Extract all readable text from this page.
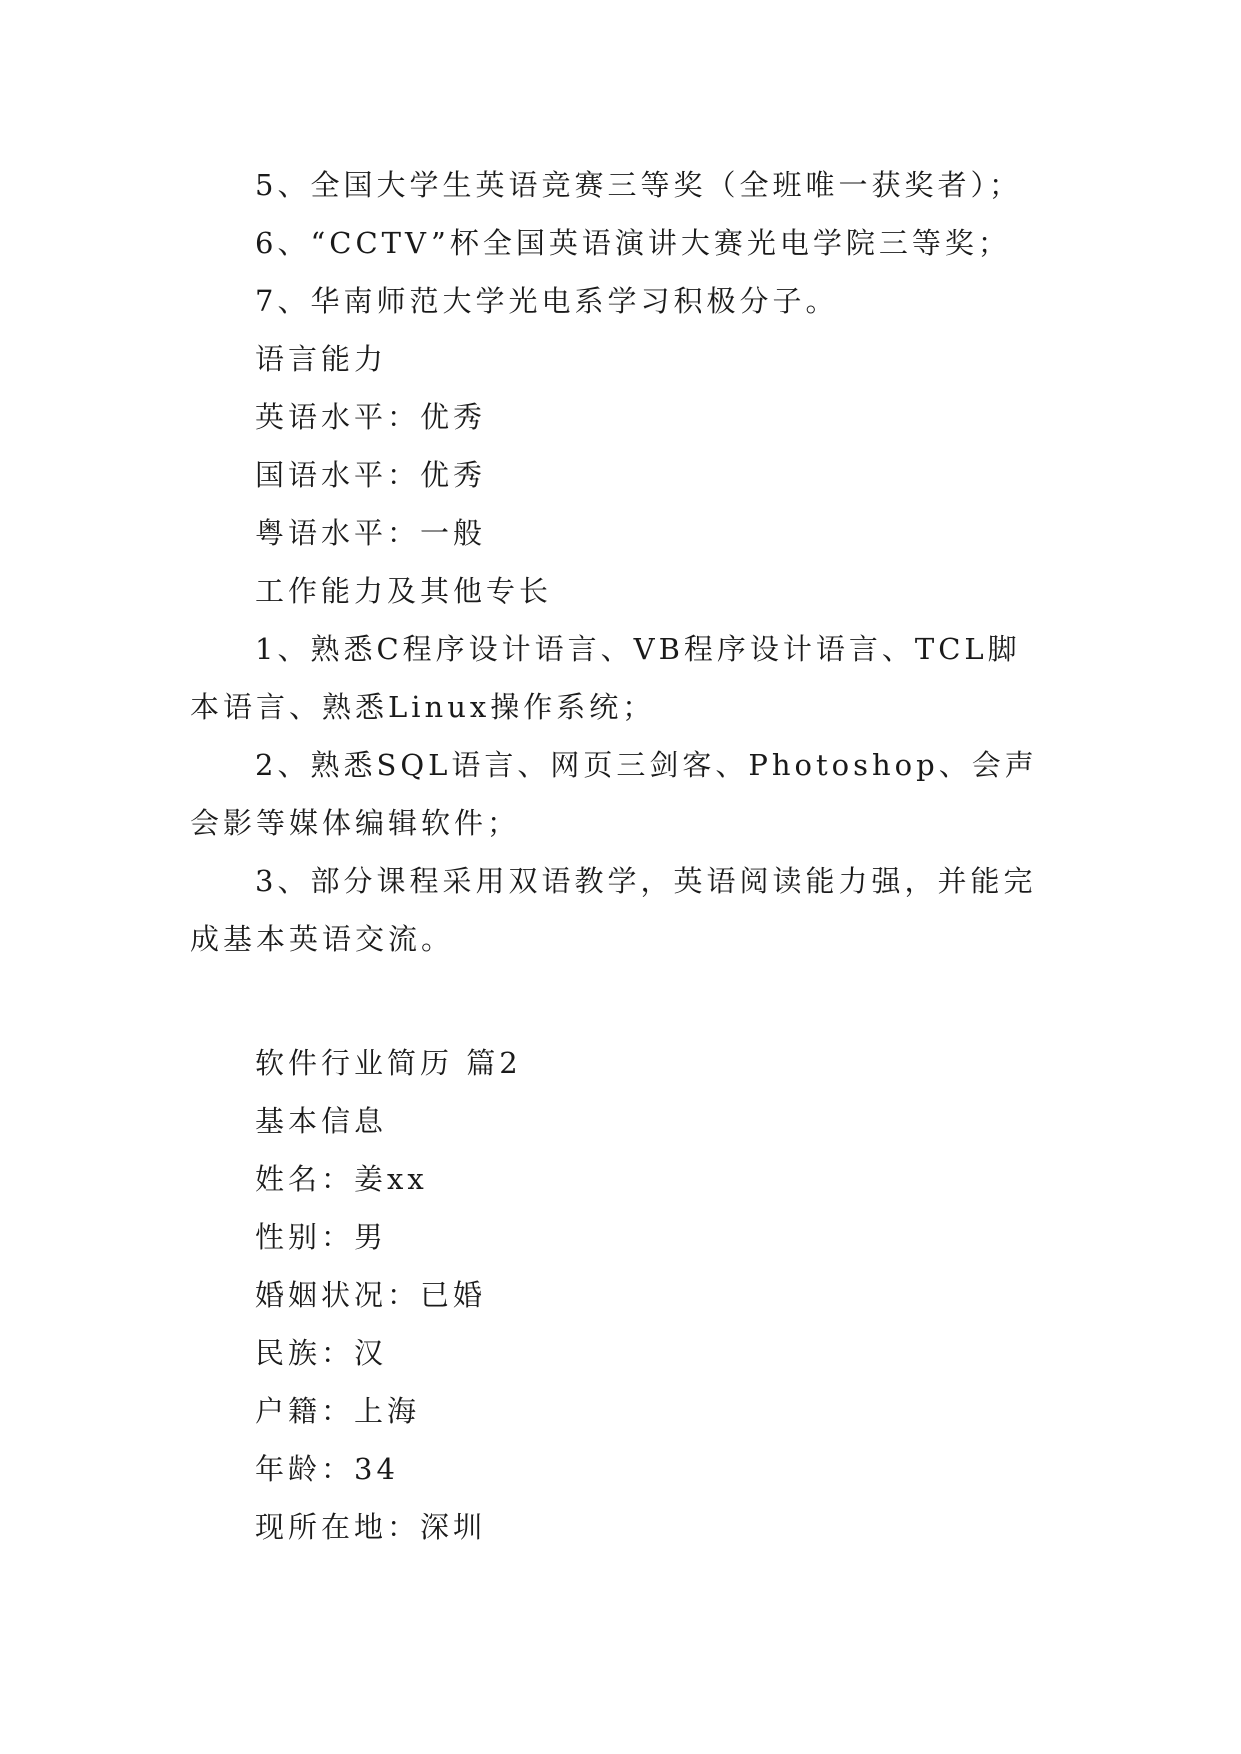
5、全国大学生英语竞赛三等奖（全班唯一获奖者）；
6、“CCTV”杯全国英语演讲大赛光电学院三等奖；
7、华南师范大学光电系学习积极分子。
语言能力
英语水平：优秀
国语水平：优秀
粤语水平：一般
工作能力及其他专长
1、熟悉C程序设计语言、VB程序设计语言、TCL脚本语言、熟悉Linux操作系统；
2、熟悉SQL语言、网页三剑客、Photoshop、会声会影等媒体编辑软件；
3、部分课程采用双语教学，英语阅读能力强，并能完成基本英语交流。
软件行业简历 篇2
基本信息
姓名：姜xx
性别：男
婚姻状况：已婚
民族：汉
户籍：上海
年龄：34
现所在地：深圳
